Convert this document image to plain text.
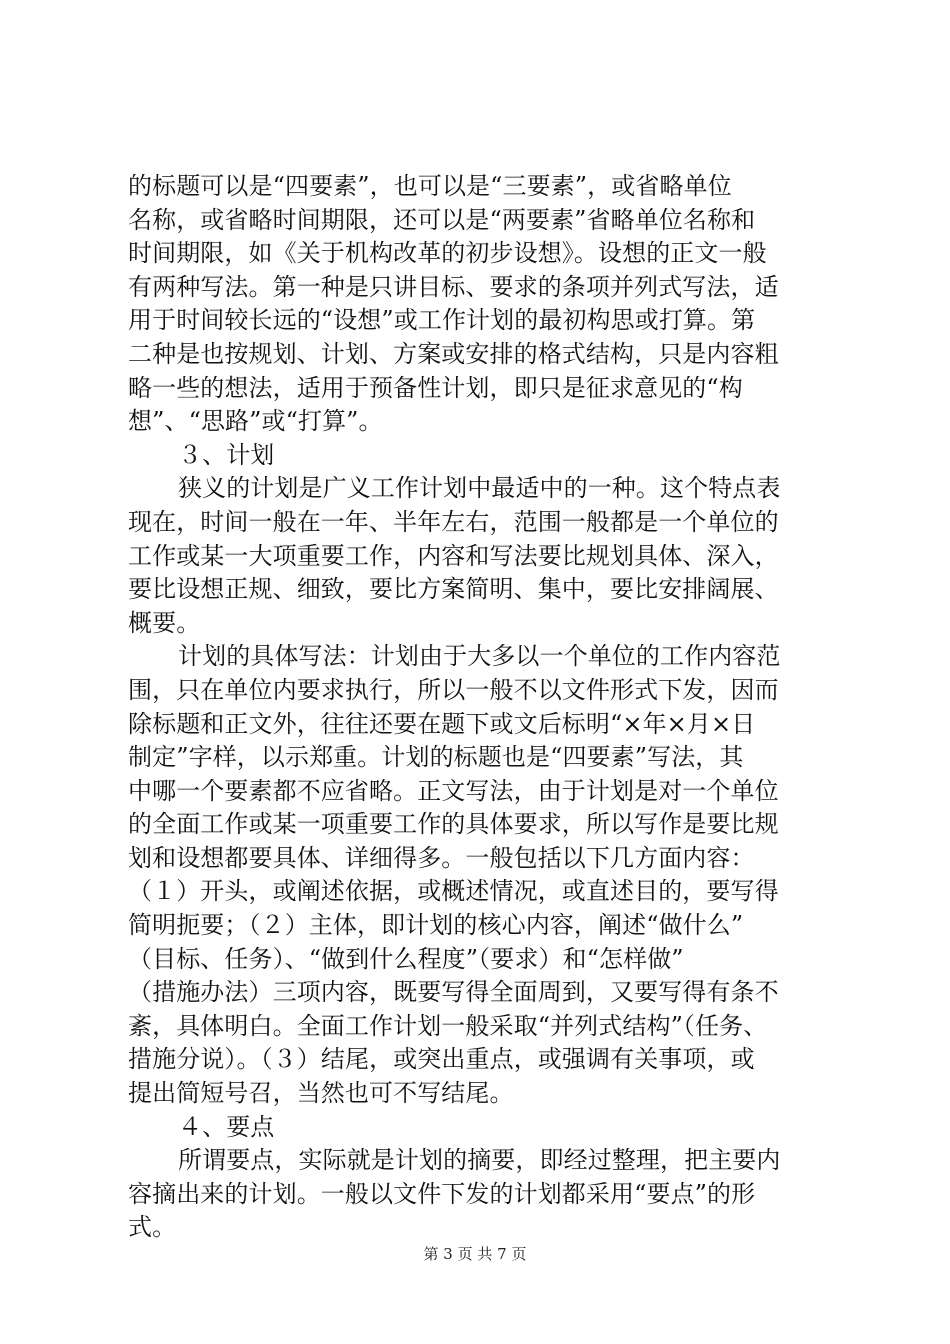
的标题可以是“四要素”，也可以是“三要素”，或省略单位
名称，或省略时间期限，还可以是“两要素”省略单位名称和
时间期限，如《关于机构改革的初步设想》。设想的正文一般
有两种写法。第一种是只讲目标、要求的条项并列式写法，适
用于时间较长远的“设想”或工作计划的最初构思或打算。第
二种是也按规划、计划、方案或安排的格式结构，只是内容粗
略一些的想法，适用于预备性计划，即只是征求意见的“构
想”、“思路”或“打算”。
３、计划
狭义的计划是广义工作计划中最适中的一种。这个特点表
现在，时间一般在一年、半年左右，范围一般都是一个单位的
工作或某一大项重要工作，内容和写法要比规划具体、深入，
要比设想正规、细致，要比方案简明、集中，要比安排阔展、
概要。
计划的具体写法：计划由于大多以一个单位的工作内容范
围，只在单位内要求执行，所以一般不以文件形式下发，因而
除标题和正文外，往往还要在题下或文后标明“×年×月×日
制定”字样，以示郑重。计划的标题也是“四要素”写法，其
中哪一个要素都不应省略。正文写法，由于计划是对一个单位
的全面工作或某一项重要工作的具体要求，所以写作是要比规
划和设想都要具体、详细得多。一般包括以下几方面内容：
（１）开头，或阐述依据，或概述情况，或直述目的，要写得
简明扼要；（２）主体，即计划的核心内容，阐述“做什么”
（目标、任务）、“做到什么程度”（要求）和“怎样做”
（措施办法）三项内容，既要写得全面周到，又要写得有条不
紊，具体明白。全面工作计划一般采取“并列式结构”（任务、
措施分说）。（３）结尾，或突出重点，或强调有关事项，或
提出简短号召，当然也可不写结尾。
４、要点
所谓要点，实际就是计划的摘要，即经过整理，把主要内
容摘出来的计划。一般以文件下发的计划都采用“要点”的形
式。
第 3 页 共 7 页
